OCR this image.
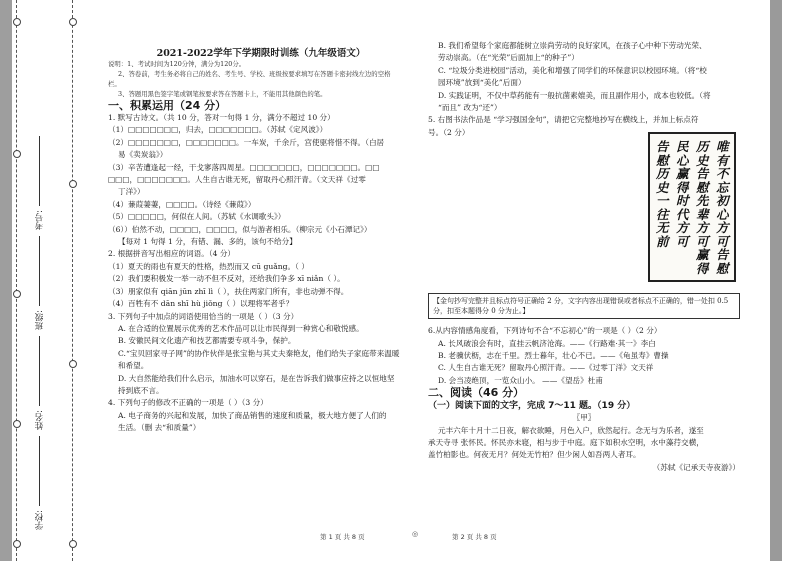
考号:
班级:
姓名:
学校:

2021-2022学年下学期限时训练（九年级语文）

说明：1、考试时间为120分钟，满分为120分。

2、答卷前，考生务必将自己的姓名、考生号、学校、班级按要求填写在答题卡密封线左边的空格

栏。

3、答题用黑色签字笔或钢笔按要求答在答题卡上，不能用其他颜色的笔。

一、积累运用（24 分）

1. 默写古诗文。（共 10 分，答对一句得 1 分，满分不超过 10 分）

（1）□□□□□□□，归去，□□□□□□□。（苏轼《定风波》）

（2）□□□□□□□，□□□□□□□。一车炭，千余斤，宫使驱将惜不得。（白居

易《卖炭翁》）

（3）辛苦遭逢起一经，干戈寥落四周星。□□□□□□□，□□□□□□□。□□

□□□，□□□□□□□。人生自古谁无死，留取丹心照汗青。（文天祥《过零

丁洋》）

（4）蒹葭萋萋，□□□□。（诗经《蒹葭》）

（5）□□□□□，何似在人间。（苏轼《水调歌头》）

（6））伯然不动，□□□□，□□□□，似与游者相乐。（柳宗元《小石潭记》）

【每对 1 句得 1 分，有错、漏、多的，该句不给分】

2. 根据拼音写出相应的词语。（4 分）

（1）夏天的雨也有夏天的性格，热烈而又 cū guǎng。（ ）

（2）我们要积极发一举一动不但不反对，还给我们争多 xī niǎn（ ）。

（3）朋家似有 qiān jūn zhī lì（ ），扶住两家门所有，非也动弹不得。

（4）百牲有不 dān shī hù jiǒng（ ）以理将军者乎？

3. 下列句子中加点的词语使用恰当的一项是（ ）（3 分）

A. 在合适的位置展示优秀的艺术作品可以让市民得到一种赏心和敬悦感。

B. 安徽民间文化遗产和技艺都需要专项斗争，保护。

C.“宝贝回家寻子网”的协作伙伴是张宝艳与其丈夫秦艳友，他们给失子家庭带来温暖

和希望。

D. 大自然能给我们什么启示，加油水可以穿石，是在告诉我们做事应持之以恒地坚

持到底不言。

4. 下列句子的修改不正确的一项是（ ）（3 分）

A. 电子商务的兴起和发展，加快了商品销售的速度和质量，极大地方便了人们的

生活。（删 去“和质量”）

B. 我们希望每个家庭都能树立崇尚劳动的良好家风，在孩子心中种下劳动光荣、

劳动崇高。（在“光荣”后面加上“的种子”）

C. “垃圾分类进校园”活动，美化和增强了同学们的环保意识以校园环境。（将“校

园环境”放到“美化”后面）

D. 实践证明，不仅中草药能有一般抗菌素媲美，而且副作用小，成本也较低。（将

“而且” 改为“还”）

5. 右图书法作品是 “学习强国金句”，请把它完整地抄写在横线上，并加上标点符

号。（2 分）

【金句抄写完整并且标点符号正确给 2 分，文字内容出现错误或者标点不正确的，错一处扣 0.5 分，扣至本题得分 0 分为止。】

6.从内容情感角度看，下列诗句不合“不忘初心”的一项是（ ）（2 分）

A. 长风破浪会有时，直挂云帆济沧海。——《行路难·其一》李白

B. 老骥伏枥，志在千里。烈士暮年，壮心不已。——《龟虽寿》曹操

C. 人生自古谁无死？留取丹心照汗青。——《过零丁洋》文天祥

D. 会当凌绝顶，一览众山小。 ——《望岳》杜甫

二、阅读（46 分）

（一）阅读下面的文字，完成 7～11 题。（19 分）

〖甲〗

元丰六年十月十二日夜，解衣欲睡，月色入户，欣然起行。念无与为乐者，遂至

承天寺寻 张怀民。怀民亦未寝，相与步于中庭。庭下如积水空明，水中藻荇交横，

盖竹柏影也。何夜无月？何处无竹柏？但少闲人如吾两人者耳。

（苏轼《记承天寺夜游》）

唯有不忘初心方可告慰
历史告慰先辈方可赢得
民心赢得时代方可
告慰历史一往无前
第 1 页 共 8 页	◎	第 2 页 共 8 页
